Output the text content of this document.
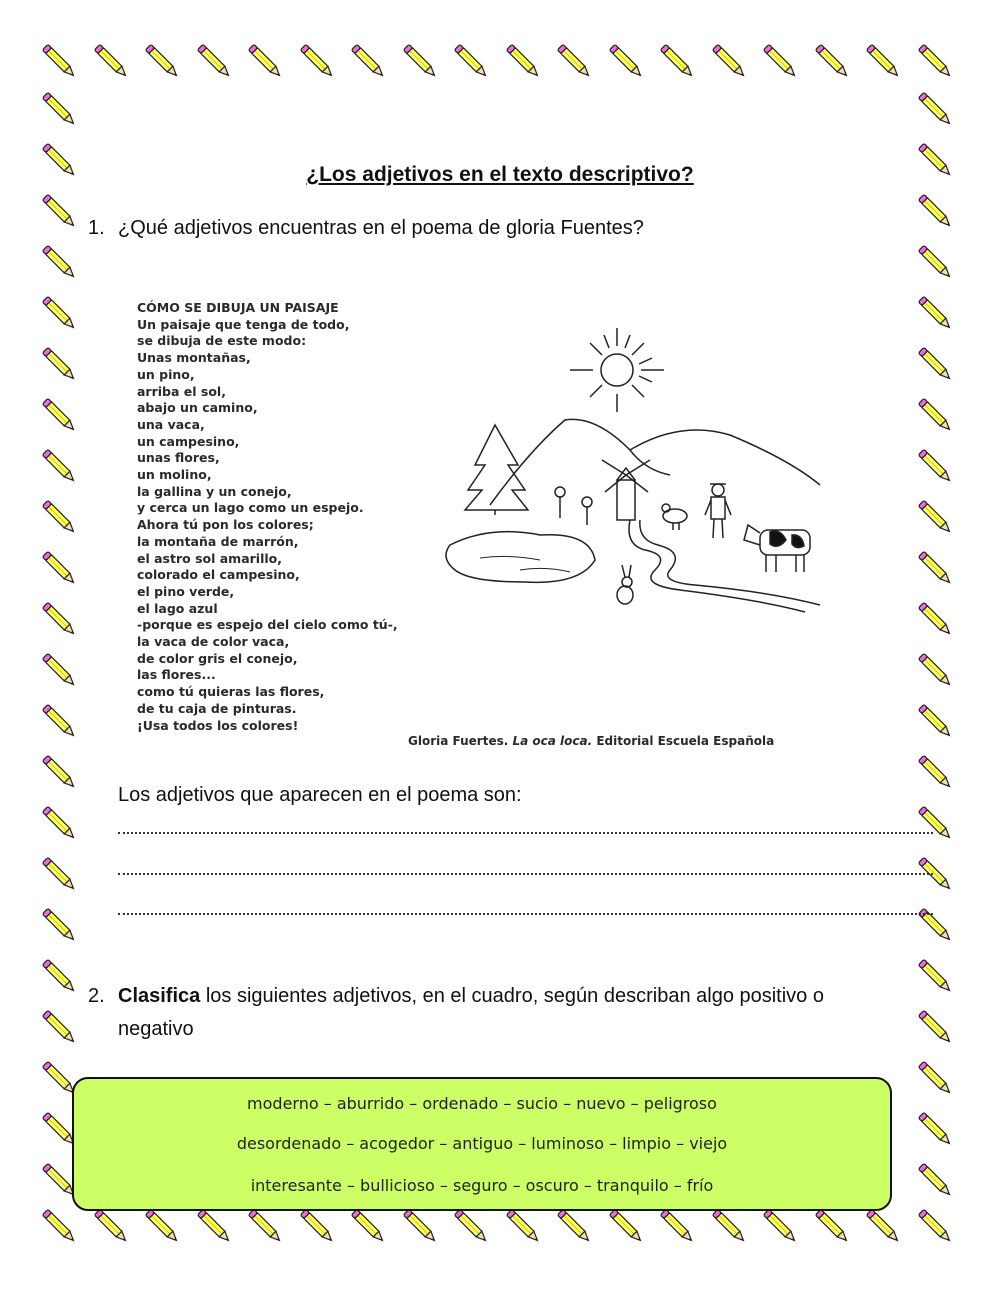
¿Los adjetivos en el texto descriptivo?
1. ¿Qué adjetivos encuentras en el poema de gloria Fuentes?
CÓMO SE DIBUJA UN PAISAJE
Un paisaje que tenga de todo,
se dibuja de este modo:
Unas montañas,
un pino,
arriba el sol,
abajo un camino,
una vaca,
un campesino,
unas flores,
un molino,
la gallina y un conejo,
y cerca un lago como un espejo.
Ahora tú pon los colores;
la montaña de marrón,
el astro sol amarillo,
colorado el campesino,
el pino verde,
el lago azul
-porque es espejo del cielo como tú-,
la vaca de color vaca,
de color gris el conejo,
las flores...
como tú quieras las flores,
de tu caja de pinturas.
¡Usa todos los colores!
Gloria Fuertes. La oca loca. Editorial Escuela Española
Los adjetivos que aparecen en el poema son:
2. Clasifica los siguientes adjetivos, en el cuadro, según describan algo positivo o
negativo
moderno – aburrido – ordenado – sucio – nuevo – peligroso
desordenado – acogedor – antiguo – luminoso – limpio – viejo
interesante – bullicioso – seguro – oscuro – tranquilo – frío
